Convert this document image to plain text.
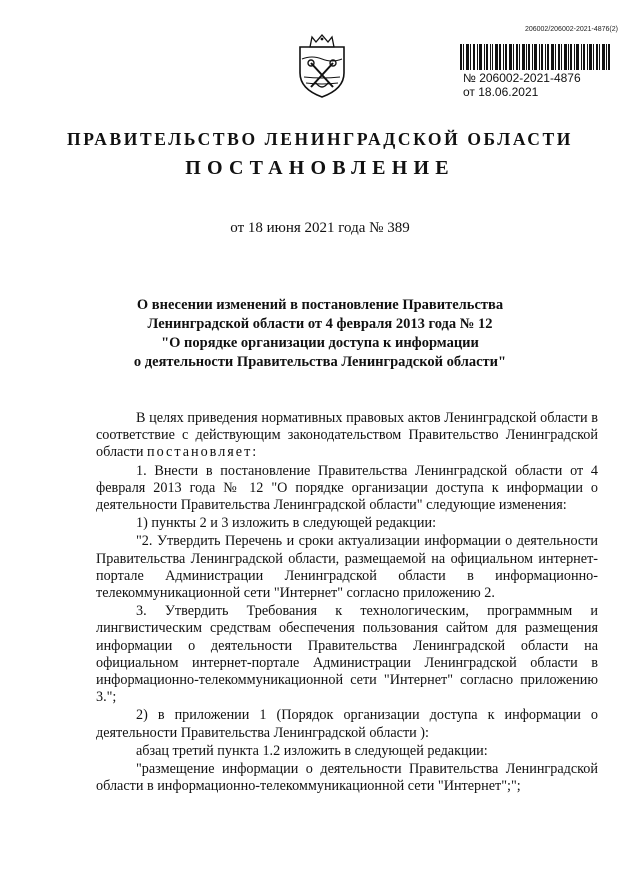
206002/206002-2021-4876(2)
№ 206002-2021-4876
от 18.06.2021
ПРАВИТЕЛЬСТВО ЛЕНИНГРАДСКОЙ ОБЛАСТИ
ПОСТАНОВЛЕНИЕ
от 18 июня 2021 года № 389
О внесении изменений в постановление Правительства
Ленинградской области от 4 февраля 2013 года № 12
"О порядке организации доступа к информации
о деятельности Правительства Ленинградской области"

В целях приведения нормативных правовых актов Ленинградской области в соответствие с действующим законодательством Правительство Ленинградской области постановляет:

1. Внести в постановление Правительства Ленинградской области от 4 февраля 2013 года № 12 "О порядке организации доступа к информации о деятельности Правительства Ленинградской области" следующие изменения:

1) пункты 2 и 3 изложить в следующей редакции:

"2. Утвердить Перечень и сроки актуализации информации о деятельности Правительства Ленинградской области, размещаемой на официальном интернет-портале Администрации Ленинградской области в информационно-телекоммуникационной сети "Интернет" согласно приложению 2.

3. Утвердить Требования к технологическим, программным и лингвистическим средствам обеспечения пользования сайтом для размещения информации о деятельности Правительства Ленинградской области на официальном интернет-портале Администрации Ленинградской области в информационно-телекоммуникационной сети "Интернет" согласно приложению 3.";

2) в приложении 1 (Порядок организации доступа к информации о деятельности Правительства Ленинградской области ):

абзац третий пункта 1.2 изложить в следующей редакции:

"размещение информации о деятельности Правительства Ленинградской области в информационно-телекоммуникационной сети "Интернет";";
